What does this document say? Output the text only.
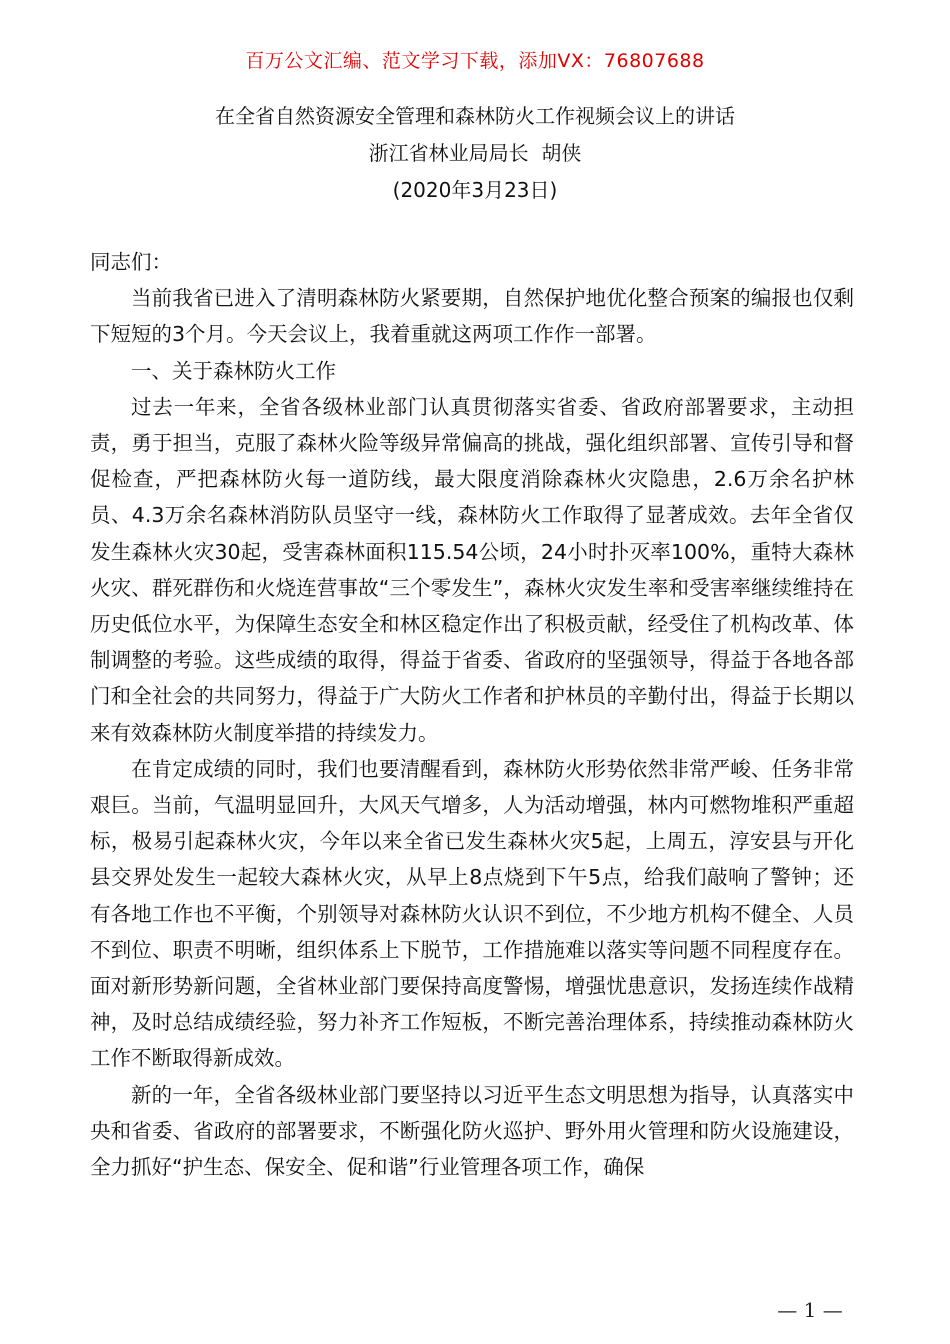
百万公文汇编、范文学习下载，添加VX：76807688
在全省自然资源安全管理和森林防火工作视频会议上的讲话
浙江省林业局局长  胡侠
(2020年3月23日)

同志们：

当前我省已进入了清明森林防火紧要期，自然保护地优化整合预案的编报也仅剩下短短的3个月。今天会议上，我着重就这两项工作作一部署。

一、关于森林防火工作

过去一年来，全省各级林业部门认真贯彻落实省委、省政府部署要求，主动担责，勇于担当，克服了森林火险等级异常偏高的挑战，强化组织部署、宣传引导和督促检查，严把森林防火每一道防线，最大限度消除森林火灾隐患，2.6万余名护林员、4.3万余名森林消防队员坚守一线，森林防火工作取得了显著成效。去年全省仅发生森林火灾30起，受害森林面积115.54公顷，24小时扑灭率100%，重特大森林火灾、群死群伤和火烧连营事故“三个零发生”，森林火灾发生率和受害率继续维持在历史低位水平，为保障生态安全和林区稳定作出了积极贡献，经受住了机构改革、体制调整的考验。这些成绩的取得，得益于省委、省政府的坚强领导，得益于各地各部门和全社会的共同努力，得益于广大防火工作者和护林员的辛勤付出，得益于长期以来有效森林防火制度举措的持续发力。

在肯定成绩的同时，我们也要清醒看到，森林防火形势依然非常严峻、任务非常艰巨。当前，气温明显回升，大风天气增多，人为活动增强，林内可燃物堆积严重超标，极易引起森林火灾，今年以来全省已发生森林火灾5起，上周五，淳安县与开化县交界处发生一起较大森林火灾，从早上8点烧到下午5点，给我们敲响了警钟；还有各地工作也不平衡，个别领导对森林防火认识不到位，不少地方机构不健全、人员不到位、职责不明晰，组织体系上下脱节，工作措施难以落实等问题不同程度存在。面对新形势新问题，全省林业部门要保持高度警惕，增强忧患意识，发扬连续作战精神，及时总结成绩经验，努力补齐工作短板，不断完善治理体系，持续推动森林防火工作不断取得新成效。

新的一年，全省各级林业部门要坚持以习近平生态文明思想为指导，认真落实中央和省委、省政府的部署要求，不断强化防火巡护、野外用火管理和防火设施建设，全力抓好“护生态、保安全、促和谐”行业管理各项工作，确保

— 1 —
